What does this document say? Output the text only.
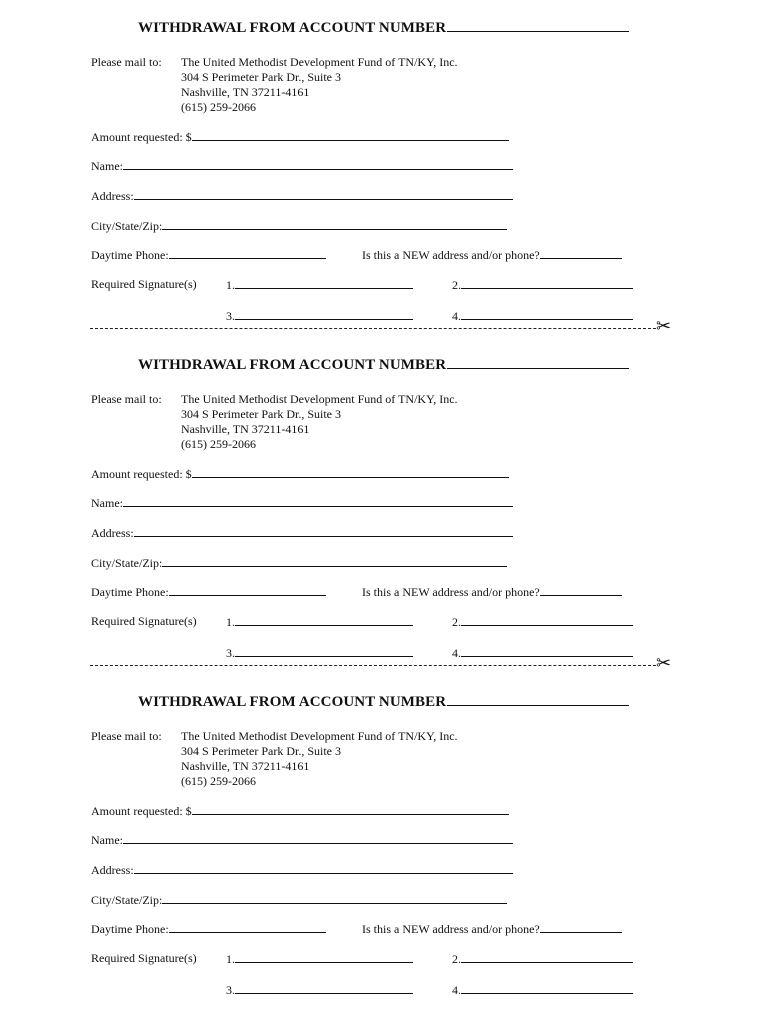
WITHDRAWAL FROM ACCOUNT NUMBER
Please mail to: The United Methodist Development Fund of TN/KY, Inc.
304 S Perimeter Park Dr., Suite 3
Nashville, TN 37211-4161
(615) 259-2066
Amount requested: $
Name:
Address:
City/State/Zip:
Daytime Phone:	Is this a NEW address and/or phone?
Required Signature(s) 1.	2.
3.	4.	✂
WITHDRAWAL FROM ACCOUNT NUMBER
Please mail to: The United Methodist Development Fund of TN/KY, Inc.
304 S Perimeter Park Dr., Suite 3
Nashville, TN 37211-4161
(615) 259-2066
Amount requested: $
Name:
Address:
City/State/Zip:
Daytime Phone:	Is this a NEW address and/or phone?
Required Signature(s) 1.	2.
3.	4.	✂
WITHDRAWAL FROM ACCOUNT NUMBER
Please mail to: The United Methodist Development Fund of TN/KY, Inc.
304 S Perimeter Park Dr., Suite 3
Nashville, TN 37211-4161
(615) 259-2066
Amount requested: $
Name:
Address:
City/State/Zip:
Daytime Phone:	Is this a NEW address and/or phone?
Required Signature(s) 1.	2.
3.	4.
